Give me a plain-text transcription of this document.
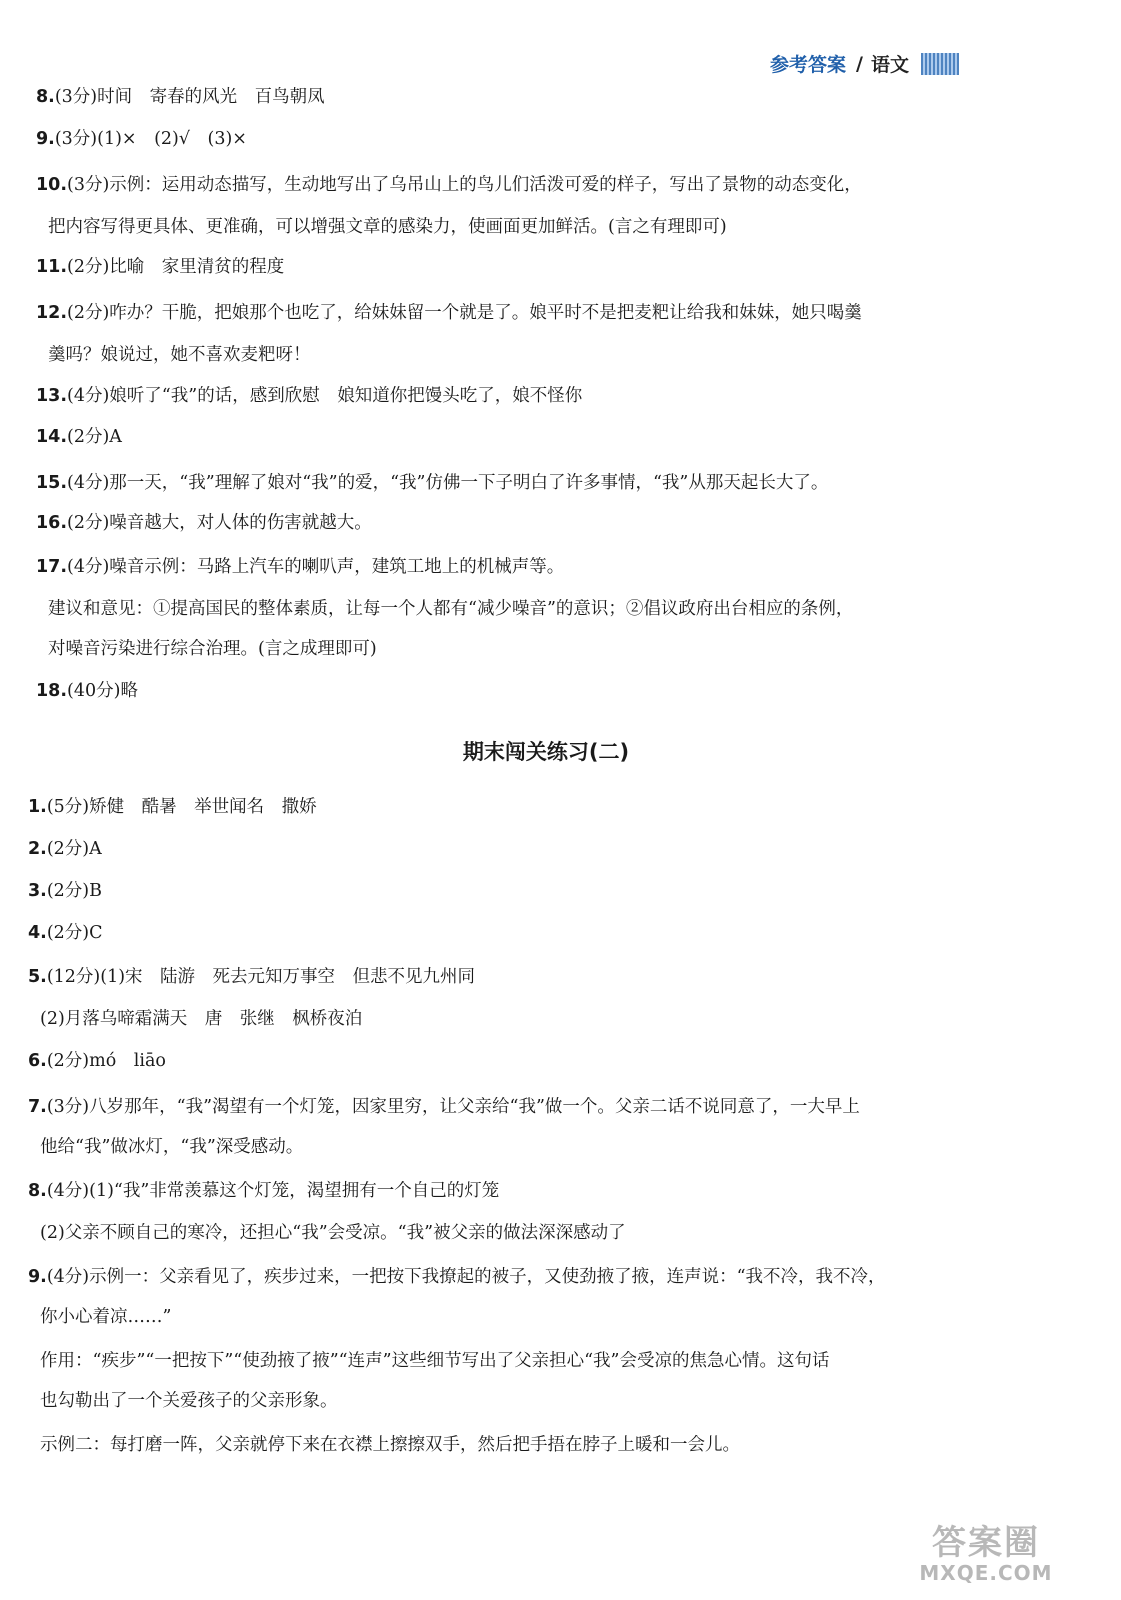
参考答案 / 语文
8.(3分)时间　寄春的风光　百鸟朝凤
9.(3分)(1)×　(2)√　(3)×
10.(3分)示例：运用动态描写，生动地写出了乌吊山上的鸟儿们活泼可爱的样子，写出了景物的动态变化，
把内容写得更具体、更准确，可以增强文章的感染力，使画面更加鲜活。(言之有理即可)
11.(2分)比喻　家里清贫的程度
12.(2分)咋办？干脆，把娘那个也吃了，给妹妹留一个就是了。娘平时不是把麦粑让给我和妹妹，她只喝羹
羹吗？娘说过，她不喜欢麦粑呀！
13.(4分)娘听了“我”的话，感到欣慰　娘知道你把馒头吃了，娘不怪你
14.(2分)A
15.(4分)那一天，“我”理解了娘对“我”的爱，“我”仿佛一下子明白了许多事情，“我”从那天起长大了。
16.(2分)噪音越大，对人体的伤害就越大。
17.(4分)噪音示例：马路上汽车的喇叭声，建筑工地上的机械声等。
建议和意见：①提高国民的整体素质，让每一个人都有“减少噪音”的意识；②倡议政府出台相应的条例，
对噪音污染进行综合治理。(言之成理即可)
18.(40分)略
期末闯关练习(二)
1.(5分)矫健　酷暑　举世闻名　撒娇
2.(2分)A
3.(2分)B
4.(2分)C
5.(12分)(1)宋　陆游　死去元知万事空　但悲不见九州同
(2)月落乌啼霜满天　唐　张继　枫桥夜泊
6.(2分)mó　liāo
7.(3分)八岁那年，“我”渴望有一个灯笼，因家里穷，让父亲给“我”做一个。父亲二话不说同意了，一大早上
他给“我”做冰灯，“我”深受感动。
8.(4分)(1)“我”非常羡慕这个灯笼，渴望拥有一个自己的灯笼
(2)父亲不顾自己的寒冷，还担心“我”会受凉。“我”被父亲的做法深深感动了
9.(4分)示例一：父亲看见了，疾步过来，一把按下我撩起的被子，又使劲掖了掖，连声说：“我不冷，我不冷，
你小心着凉……”
作用：“疾步”“一把按下”“使劲掖了掖”“连声”这些细节写出了父亲担心“我”会受凉的焦急心情。这句话
也勾勒出了一个关爱孩子的父亲形象。
示例二：每打磨一阵，父亲就停下来在衣襟上擦擦双手，然后把手捂在脖子上暖和一会儿。
答案圈
MXQE.COM
